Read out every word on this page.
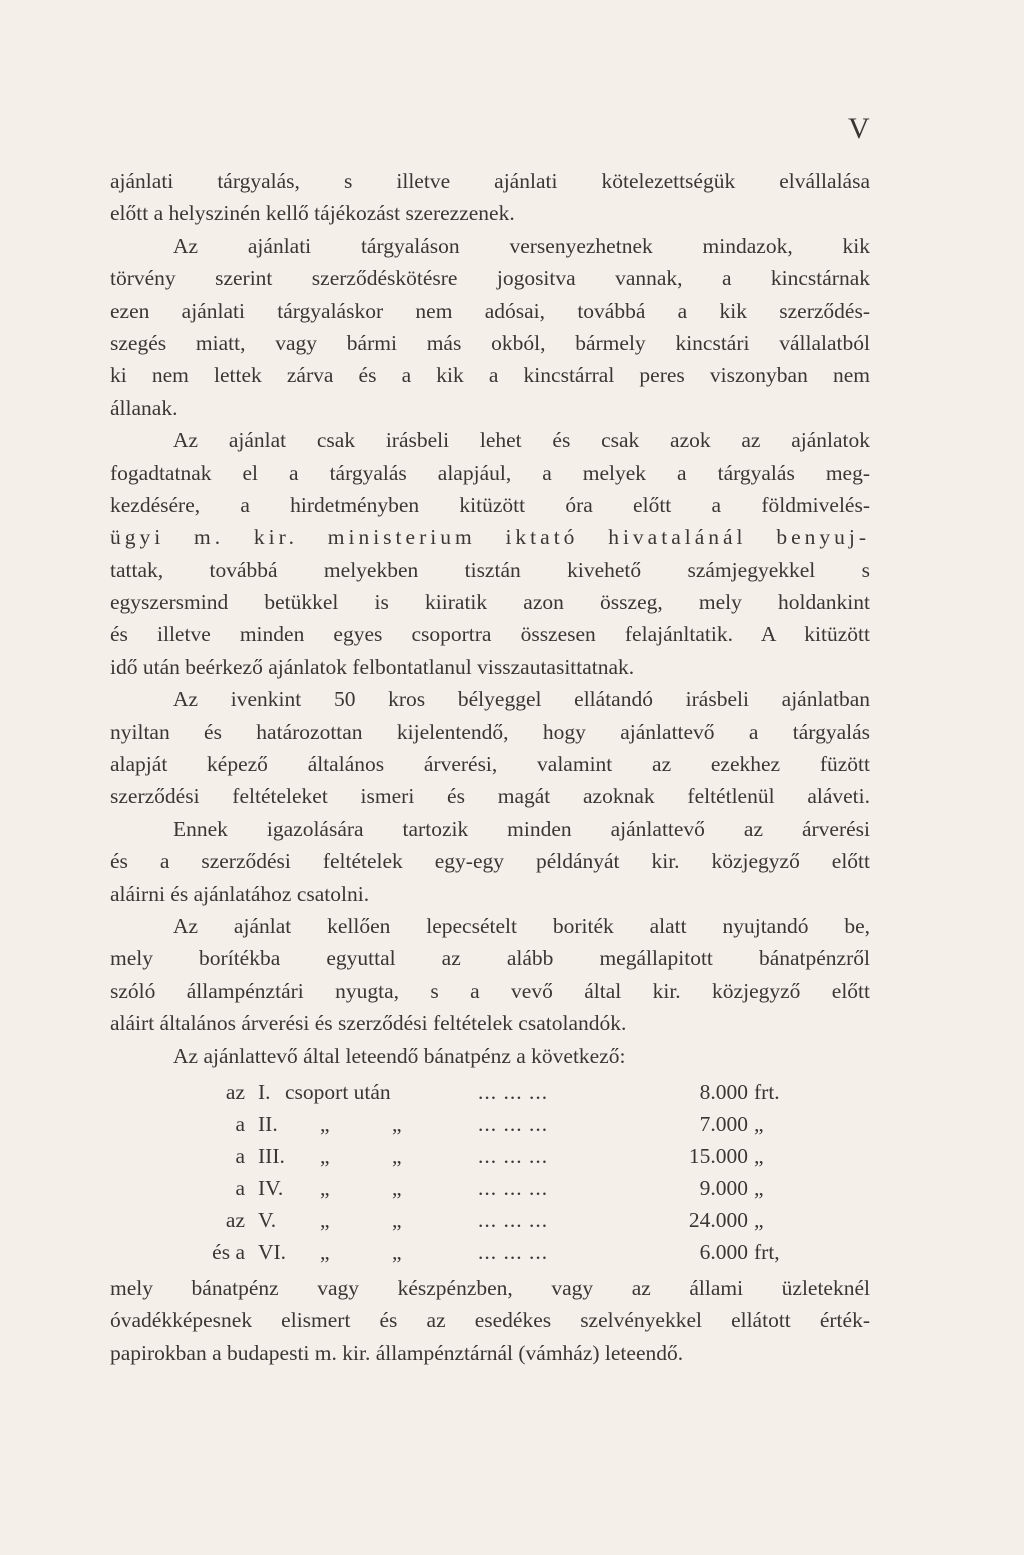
V
ajánlati tárgyalás, s illetve ajánlati kötelezettségük elvállalása
előtt a helyszinén kellő tájékozást szerezzenek.
Az ajánlati tárgyaláson versenyezhetnek mindazok, kik
törvény szerint szerződéskötésre jogositva vannak, a kincstárnak
ezen ajánlati tárgyaláskor nem adósai, továbbá a kik szerződés-
szegés miatt, vagy bármi más okból, bármely kincstári vállalatból
ki nem lettek zárva és a kik a kincstárral peres viszonyban nem
állanak.
Az ajánlat csak irásbeli lehet és csak azok az ajánlatok
fogadtatnak el a tárgyalás alapjául, a melyek a tárgyalás meg-
kezdésére, a hirdetményben kitüzött óra előtt a földmivelés-
ügyi m. kir. ministerium iktató hivatalánál benyuj-
tattak, továbbá melyekben tisztán kivehető számjegyekkel s
egyszersmind betükkel is kiiratik azon összeg, mely holdankint
és illetve minden egyes csoportra összesen felajánltatik. A kitüzött
idő után beérkező ajánlatok felbontatlanul visszautasittatnak.
Az ivenkint 50 kros bélyeggel ellátandó irásbeli ajánlatban
nyiltan és határozottan kijelentendő, hogy ajánlattevő a tárgyalás
alapját képező általános árverési, valamint az ezekhez füzött
szerződési feltételeket ismeri és magát azoknak feltétlenül aláveti.
Ennek igazolására tartozik minden ajánlattevő az árverési
és a szerződési feltételek egy-egy példányát kir. közjegyző előtt
aláirni és ajánlatához csatolni.
Az ajánlat kellően lepecsételt boriték alatt nyujtandó be,
mely borítékba egyuttal az alább megállapitott bánatpénzről
szóló állampénztári nyugta, s a vevő által kir. közjegyző előtt
aláirt általános árverési és szerződési feltételek csatolandók.
Az ajánlattevő által leteendő bánatpénz a következő:
az I. csoport után	... ... ...	8.000 frt.
a II. „	„	... ... ...	7.000 „
a III. „	„	... ... ...	15.000 „
a IV. „	„	... ... ...	9.000 „
az V. „	„	... ... ...	24.000 „
és a VI. „	„	... ... ...	6.000 frt,
mely bánatpénz vagy készpénzben, vagy az állami üzleteknél
óvadékképesnek elismert és az esedékes szelvényekkel ellátott érték-
papirokban a budapesti m. kir. állampénztárnál (vámház) leteendő.
